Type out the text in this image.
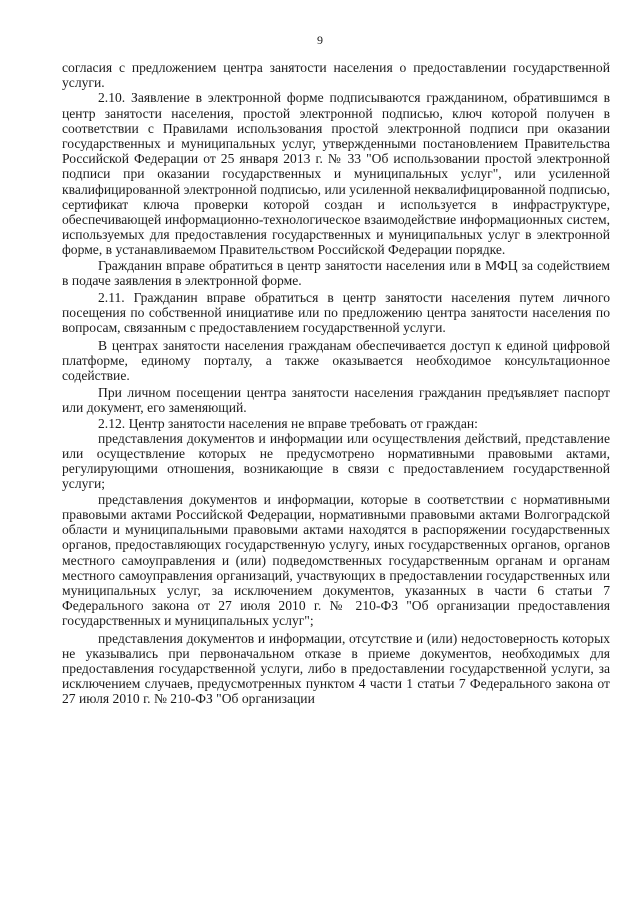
9

согласия с предложением центра занятости населения о предоставлении государственной услуги.

2.10. Заявление в электронной форме подписываются гражданином, обратившимся в центр занятости населения, простой электронной подписью, ключ которой получен в соответствии с Правилами использования простой электронной подписи при оказании государственных и муниципальных услуг, утвержденными постановлением Правительства Российской Федерации от 25 января 2013 г. № 33 "Об использовании простой электронной подписи при оказании государственных и муниципальных услуг", или усиленной квалифицированной электронной подписью, или усиленной неквалифицированной подписью, сертификат ключа проверки которой создан и используется в инфраструктуре, обеспечивающей информационно-технологическое взаимодействие информационных систем, используемых для предоставления государственных и муниципальных услуг в электронной форме, в устанавливаемом Правительством Российской Федерации порядке.

Гражданин вправе обратиться в центр занятости населения или в МФЦ за содействием в подаче заявления в электронной форме.

2.11. Гражданин вправе обратиться в центр занятости населения путем личного посещения по собственной инициативе или по предложению центра занятости населения по вопросам, связанным с предоставлением государственной услуги.

В центрах занятости населения гражданам обеспечивается доступ к единой цифровой платформе, единому порталу, а также оказывается необходимое консультационное содействие.

При личном посещении центра занятости населения гражданин предъявляет паспорт или документ, его заменяющий.

2.12. Центр занятости населения не вправе требовать от граждан:

представления документов и информации или осуществления действий, представление или осуществление которых не предусмотрено нормативными правовыми актами, регулирующими отношения, возникающие в связи с предоставлением государственной услуги;

представления документов и информации, которые в соответствии с нормативными правовыми актами Российской Федерации, нормативными правовыми актами Волгоградской области и муниципальными правовыми актами находятся в распоряжении государственных органов, предоставляющих государственную услугу, иных государственных органов, органов местного самоуправления и (или) подведомственных государственным органам и органам местного самоуправления организаций, участвующих в предоставлении государственных или муниципальных услуг, за исключением документов, указанных в части 6 статьи 7 Федерального закона от 27 июля 2010 г. № 210-ФЗ "Об организации предоставления государственных и муниципальных услуг";

представления документов и информации, отсутствие и (или) недостоверность которых не указывались при первоначальном отказе в приеме документов, необходимых для предоставления государственной услуги, либо в предоставлении государственной услуги, за исключением случаев, предусмотренных пунктом 4 части 1 статьи 7 Федерального закона от 27 июля 2010 г. № 210-ФЗ "Об организации
